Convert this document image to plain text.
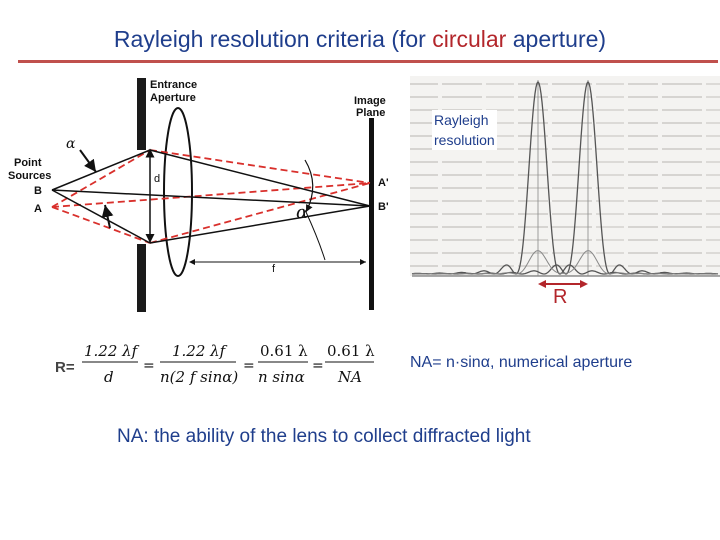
Rayleigh resolution criteria (for circular aperture)
Entrance
Aperture	Image
Plane
Point
Sources
B
A
A'
B'
α
α
d
f
Rayleigh
resolution
R
R=
1.22 λf
d
=
1.22 λf
n(2 f sinα)
=
0.61 λ
n sinα
=
0.61 λ
NA
NA= n·sinα, numerical aperture
NA: the ability of the lens to collect diffracted light
